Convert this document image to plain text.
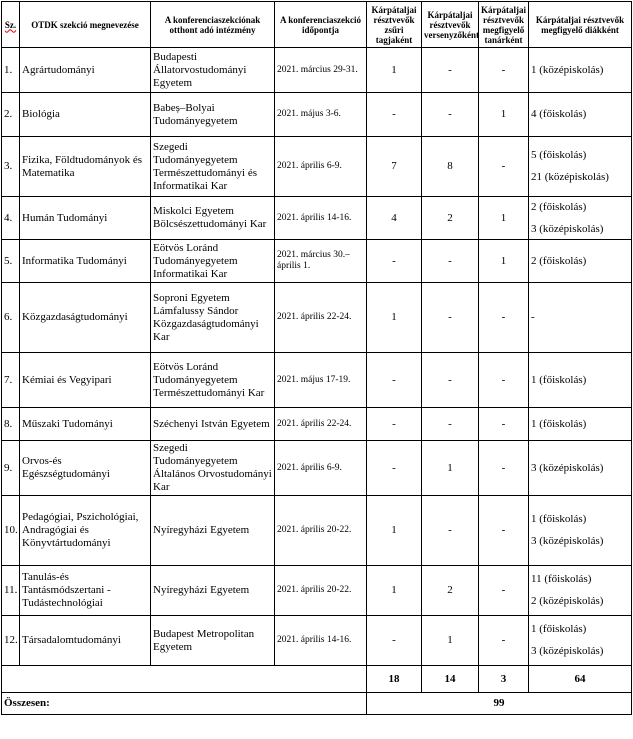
Sz.	OTDK szekció megnevezése	A konferenciaszekciónak otthont adó intézmény	A konferenciaszekció időpontja	Kárpátaljai résztvevők zsűri tagjaként	Kárpátaljai résztvevők versenyzőként	Kárpátaljai résztvevők megfigyelő tanárként	Kárpátaljai résztvevők megfigyelő diákként
1.	Agrártudományi	Budapesti Állatorvostudományi Egyetem	2021. március 29-31.	1	-	-	1 (középiskolás)

2.	Biológia	Babeș–Bolyai Tudományegyetem	2021. május 3-6.	-	-	1	4 (főiskolás)

3.	Fizika, Földtudományok és Matematika	Szegedi Tudományegyetem Természettudományi és Informatikai Kar	2021. április 6-9.	7	8	-	5 (főiskolás)
21 (középiskolás)

4.	Humán Tudományi	Miskolci Egyetem Bölcsészettudományi Kar	2021. április 14-16.	4	2	1	2 (főiskolás)
3 (középiskolás)

5.	Informatika Tudományi	Eötvös Loránd Tudományegyetem Informatikai Kar	2021. március 30.– április 1.	-	-	1	2 (főiskolás)

6.	Közgazdaságtudományi	Soproni Egyetem Lámfalussy Sándor Közgazdaságtudományi Kar	2021. április 22-24.	1	-	-	-

7.	Kémiai és Vegyipari	Eötvös Loránd Tudományegyetem Természettudományi Kar	2021. május 17-19.	-	-	-	1 (főiskolás)

8.	Műszaki Tudományi	Széchenyi István Egyetem	2021. április 22-24.	-	-	-	1 (főiskolás)

9.	Orvos-és Egészségtudományi	Szegedi Tudományegyetem Általános Orvostudományi Kar	2021. április 6-9.	-	1	-	3 (középiskolás)

10.	Pedagógiai, Pszichológiai, Andragógiai és Könyvtártudományi	Nyíregyházi Egyetem	2021. április 20-22.	1	-	-	1 (főiskolás)
3 (középiskolás)

11.	Tanulás-és Tantásmódszertani - Tudástechnológiai	Nyíregyházi Egyetem	2021. április 20-22.	1	2	-	11 (főiskolás)
2 (középiskolás)

12.	Társadalomtudományi	Budapest Metropolitan Egyetem	2021. április 14-16.	-	1	-	1 (főiskolás)
3 (középiskolás)

				18	14	3	64
Összesen:				99			
